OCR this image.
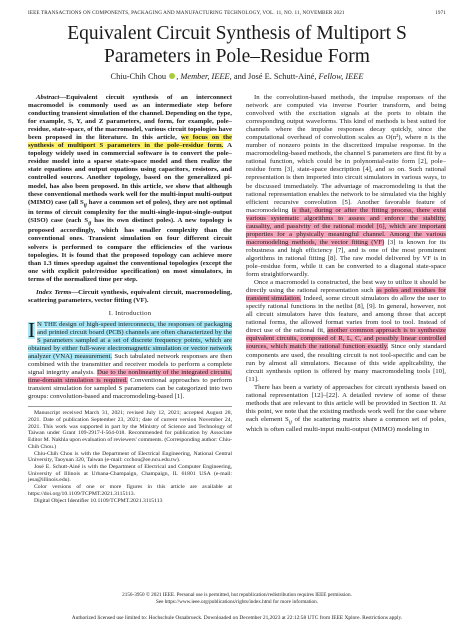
IEEE TRANSACTIONS ON COMPONENTS, PACKAGING AND MANUFACTURING TECHNOLOGY, VOL. 11, NO. 11, NOVEMBER 2021	1971
Equivalent Circuit Synthesis of Multiport S
Parameters in Pole–Residue Form
Chiu-Chih Chou , Member, IEEE, and José E. Schutt-Ainé, Fellow, IEEE

Abstract—Equivalent circuit synthesis of an interconnect macromodel is commonly used as an intermediate step before conducting transient simulation of the channel. Depending on the type, for example, S, Y, and Z parameters, and form, for example, pole–residue, state-space, of the macromodel, various circuit topologies have been proposed in the literature. In this article, we focus on the synthesis of multiport S parameters in the pole–residue form. A topology widely used in commercial software is to convert the pole–residue model into a sparse state-space model and then realize the state equations and output equations using capacitors, resistors, and controlled sources. Another topology, based on the generalized pi-model, has also been proposed. In this article, we show that although these conventional methods work well for the multi-input multi-output (MIMO) case (all $S_{ij}$ have a common set of poles), they are not optimal in terms of circuit complexity for the multi-single-input-single-output (SISO) case (each $S_{ij}$ has its own distinct poles). A new topology is proposed accordingly, which has smaller complexity than the conventional ones. Transient simulation on four different circuit solvers is performed to compare the efficiencies of the various topologies. It is found that the proposed topology can achieve more than 1.3 times speedup against the conventional topologies (except the one with explicit pole/residue specification) on most simulators, in terms of the normalized time per step.

Index Terms—Circuit synthesis, equivalent circuit, macromodeling, scattering parameters, vector fitting (VF).

I. Introduction

I N THE design of high-speed interconnects, the responses of packaging and printed circuit board (PCB) channels are often characterized by the S parameters sampled at a set of discrete frequency points, which are obtained by either full-wave electromagnetic simulation or vector network analyzer (VNA) measurement. Such tabulated network responses are then combined with the transmitter and receiver models to perform a complete signal integrity analysis. Due to the nonlinearity of the integrated circuits, time-domain simulation is required. Conventional approaches to perform transient simulation for sampled S parameters can be categorized into two groups: convolution-based and macromodeling-based [1].

Manuscript received March 31, 2021; revised July 12, 2021; accepted August 28, 2021. Date of publication September 23, 2021; date of current version November 24, 2021. This work was supported in part by the Ministry of Science and Technology of Taiwan under Grant 109-2917-I-564-018. Recommended for publication by Associate Editor M. Nakhla upon evaluation of reviewers' comments. (Corresponding author: Chiu-Chih Chou.)
Chiu-Chih Chou is with the Department of Electrical Engineering, National Central University, Taoyuan 320, Taiwan (e-mail: ccchou@ee.ncu.edu.tw).
José E. Schutt-Ainé is with the Department of Electrical and Computer Engineering, University of Illinois at Urbana-Champaign, Champaign, IL 61801 USA (e-mail: jesa@illinois.edu).
Color versions of one or more figures in this article are available at https://doi.org/10.1109/TCPMT.2021.3115113.
Digital Object Identifier 10.1109/TCPMT.2021.3115113

In the convolution-based methods, the impulse responses of the network are computed via inverse Fourier transform, and being convolved with the excitation signals at the ports to obtain the corresponding output waveforms. This kind of methods is best suited for channels where the impulse responses decay quickly, since the computational overhead of convolution scales as O(n²), where n is the number of nonzero points in the discretized impulse response. In the macromodeling-based methods, the channel S parameters are first fit by a rational function, which could be in polynomial-ratio form [2], pole–residue form [3], state-space description [4], and so on. Such rational representation is then imported into circuit simulators in various ways, to be discussed immediately. The advantage of macromodeling is that the rational representation enables the network to be simulated via the highly efficient recursive convolution [5]. Another favorable feature of macromodeling is that, during or after the fitting process, there exist various systematic algorithms to assess and enforce the stability, causality, and passivity of the rational model [6], which are important properties for a physically meaningful channel. Among the various macromodeling methods, the vector fitting (VF) [3] is known for its robustness and high efficiency [7], and is one of the most prominent algorithms in rational fitting [8]. The raw model delivered by VF is in pole–residue form, while it can be converted to a diagonal state-space form straightforwardly.

Once a macromodel is constructed, the best way to utilize it should be directly using the rational representation such as poles and residues for transient simulation. Indeed, some circuit simulators do allow the user to specify rational functions in the netlist [8], [9]. In general, however, not all circuit simulators have this feature, and among those that accept rational forms, the allowed format varies from tool to tool. Instead of direct use of the rational fit, another common approach is to synthesize equivalent circuits, composed of R, L, C, and possibly linear controlled sources, which match the rational function exactly. Since only standard components are used, the resulting circuit is not tool-specific and can be run by almost all simulators. Because of this wide applicability, the circuit synthesis option is offered by many macromodeling tools [10], [11].

There has been a variety of approaches for circuit synthesis based on rational representation [12]–[22]. A detailed review of some of these methods that are relevant to this article will be provided in Section II. At this point, we note that the existing methods work well for the case where each element $S_{ij}$ of the scattering matrix share a common set of poles, which is often called multi-input multi-output (MIMO) modeling in

2156-3950 © 2021 IEEE. Personal use is permitted, but republication/redistribution requires IEEE permission.
See https://www.ieee.org/publications/rights/index.html for more information.
Authorized licensed use limited to: Hochschule Osnabrueck. Downloaded on December 21,2023 at 22:12:58 UTC from IEEE Xplore. Restrictions apply.
